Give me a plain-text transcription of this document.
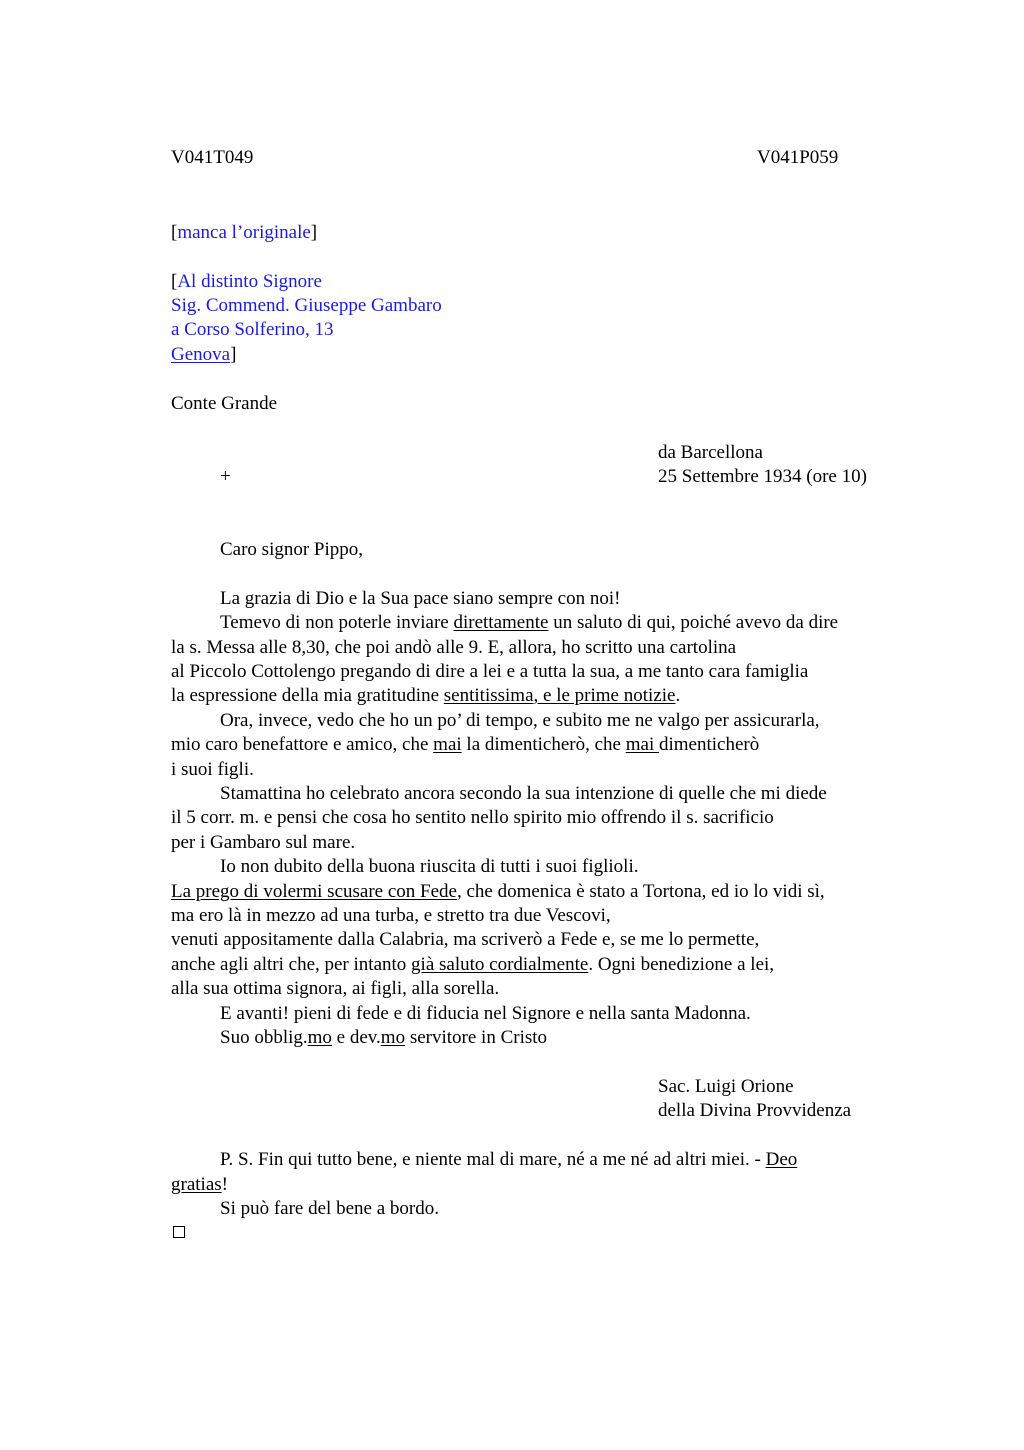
V041T049	V041P059
[manca l’originale]
[Al distinto Signore
Sig. Commend. Giuseppe Gambaro
a Corso Solferino, 13
Genova]
Conte Grande
da Barcellona
+	25 Settembre 1934 (ore 10)
Caro signor Pippo,
La grazia di Dio e la Sua pace siano sempre con noi!
Temevo di non poterle inviare direttamente un saluto di qui, poiché avevo da dire
la s. Messa alle 8,30, che poi andò alle 9. E, allora, ho scritto una cartolina
al Piccolo Cottolengo pregando di dire a lei e a tutta la sua, a me tanto cara famiglia
la espressione della mia gratitudine sentitissima, e le prime notizie.
Ora, invece, vedo che ho un po’ di tempo, e subito me ne valgo per assicurarla,
mio caro benefattore e amico, che mai la dimenticherò, che mai dimenticherò
i suoi figli.
Stamattina ho celebrato ancora secondo la sua intenzione di quelle che mi diede
il 5 corr. m. e pensi che cosa ho sentito nello spirito mio offrendo il s. sacrificio
per i Gambaro sul mare.
Io non dubito della buona riuscita di tutti i suoi figlioli.
La prego di volermi scusare con Fede, che domenica è stato a Tortona, ed io lo vidi sì,
ma ero là in mezzo ad una turba, e stretto tra due Vescovi,
venuti appositamente dalla Calabria, ma scriverò a Fede e, se me lo permette,
anche agli altri che, per intanto già saluto cordialmente. Ogni benedizione a lei,
alla sua ottima signora, ai figli, alla sorella.
E avanti! pieni di fede e di fiducia nel Signore e nella santa Madonna.
Suo obblig.mo e dev.mo servitore in Cristo
Sac. Luigi Orione
della Divina Provvidenza
P. S. Fin qui tutto bene, e niente mal di mare, né a me né ad altri miei. - Deo
gratias!
Si può fare del bene a bordo.
